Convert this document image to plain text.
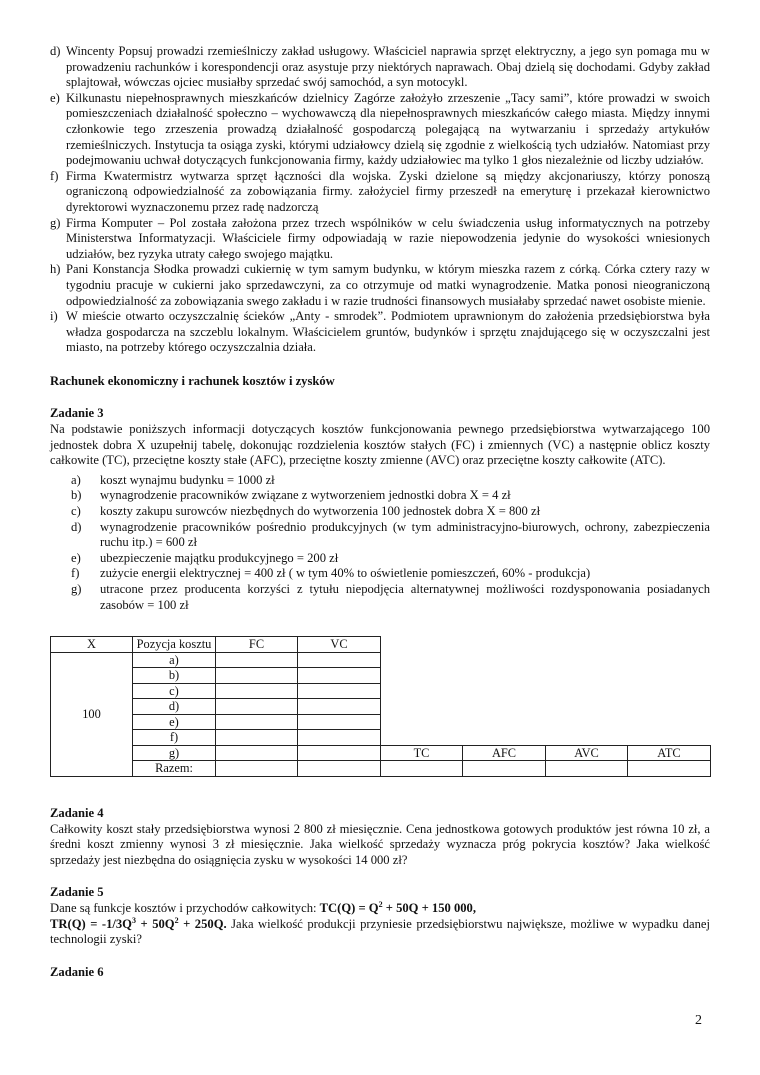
d) Wincenty Popsuj prowadzi rzemieślniczy zakład usługowy. Właściciel naprawia sprzęt elektryczny, a jego syn pomaga mu w prowadzeniu rachunków i korespondencji oraz asystuje przy niektórych naprawach. Obaj dzielą się dochodami. Gdyby zakład splajtował, wówczas ojciec musiałby sprzedać swój samochód, a syn motocykl.
e) Kilkunastu niepełnosprawnych mieszkańców dzielnicy Zagórze założyło zrzeszenie „Tacy sami”, które prowadzi w swoich pomieszczeniach działalność społeczno – wychowawczą dla niepełnosprawnych mieszkańców całego miasta. Między innymi członkowie tego zrzeszenia prowadzą działalność gospodarczą polegającą na wytwarzaniu i sprzedaży artykułów rzemieślniczych. Instytucja ta osiąga zyski, którymi udziałowcy dzielą się zgodnie z wielkością tych udziałów. Natomiast przy podejmowaniu uchwał dotyczących funkcjonowania firmy, każdy udziałowiec ma tylko 1 głos niezależnie od liczby udziałów.
f) Firma Kwatermistrz wytwarza sprzęt łączności dla wojska. Zyski dzielone są między akcjonariuszy, którzy ponoszą ograniczoną odpowiedzialność za zobowiązania firmy. założyciel firmy przeszedł na emeryturę i przekazał kierownictwo dyrektorowi wyznaczonemu przez radę nadzorczą
g) Firma Komputer – Pol została założona przez trzech wspólników w celu świadczenia usług informatycznych na potrzeby Ministerstwa Informatyzacji. Właściciele firmy odpowiadają w razie niepowodzenia jedynie do wysokości wniesionych udziałów, bez ryzyka utraty całego swojego majątku.
h) Pani Konstancja Słodka prowadzi cukiernię w tym samym budynku, w którym mieszka razem z córką. Córka cztery razy w tygodniu pracuje w cukierni jako sprzedawczyni, za co otrzymuje od matki wynagrodzenie. Matka ponosi nieograniczoną odpowiedzialność za zobowiązania swego zakładu i w razie trudności finansowych musiałaby sprzedać nawet osobiste mienie.
i) W mieście otwarto oczyszczalnię ścieków „Anty - smrodek”. Podmiotem uprawnionym do założenia przedsiębiorstwa była władza gospodarcza na szczeblu lokalnym. Właścicielem gruntów, budynków i sprzętu znajdującego się w oczyszczalni jest miasto, na potrzeby którego oczyszczalnia działa.
Rachunek ekonomiczny i rachunek kosztów i zysków
Zadanie 3
Na podstawie poniższych informacji dotyczących kosztów funkcjonowania pewnego przedsiębiorstwa wytwarzającego 100 jednostek dobra X uzupełnij tabelę, dokonując rozdzielenia kosztów stałych (FC) i zmiennych (VC) a następnie oblicz koszty całkowite (TC), przeciętne koszty stałe (AFC), przeciętne koszty zmienne (AVC) oraz przeciętne koszty całkowite (ATC).
a)	koszt wynajmu budynku = 1000 zł
b)	wynagrodzenie pracowników związane z wytworzeniem jednostki dobra X = 4 zł
c)	koszty zakupu surowców niezbędnych do wytworzenia 100 jednostek dobra X = 800 zł
d)	wynagrodzenie pracowników pośrednio produkcyjnych (w tym administracyjno-biurowych, ochrony, zabezpieczenia ruchu itp.) = 600 zł
e)	ubezpieczenie majątku produkcyjnego = 200 zł
f)	zużycie energii elektrycznej = 400 zł ( w tym 40% to oświetlenie pomieszczeń, 60% - produkcja)
g)	utracone przez producenta korzyści z tytułu niepodjęcia alternatywnej możliwości rozdysponowania posiadanych zasobów = 100 zł
X	Pozycja kosztu	FC	VC				
100	a)						
	b)						
	c)						
	d)						
	e)						
	f)						
	g)			TC	AFC	AVC	ATC
	Razem:						
Zadanie 4
Całkowity koszt stały przedsiębiorstwa wynosi 2 800 zł miesięcznie. Cena jednostkowa gotowych produktów jest równa 10 zł, a średni koszt zmienny wynosi 3 zł miesięcznie. Jaka wielkość sprzedaży wyznacza próg pokrycia kosztów? Jaka wielkość sprzedaży jest niezbędna do osiągnięcia zysku w wysokości 14 000 zł?
Zadanie 5
Dane są funkcje kosztów i przychodów całkowitych: $TC(Q) = Q^2 + 50Q + 150$ 000,
$TR(Q) = -1/3Q^3 + 50Q^2 + 250Q$. Jaka wielkość produkcji przyniesie przedsiębiorstwu największe, możliwe w wypadku danej technologii zyski?
Zadanie 6
2
